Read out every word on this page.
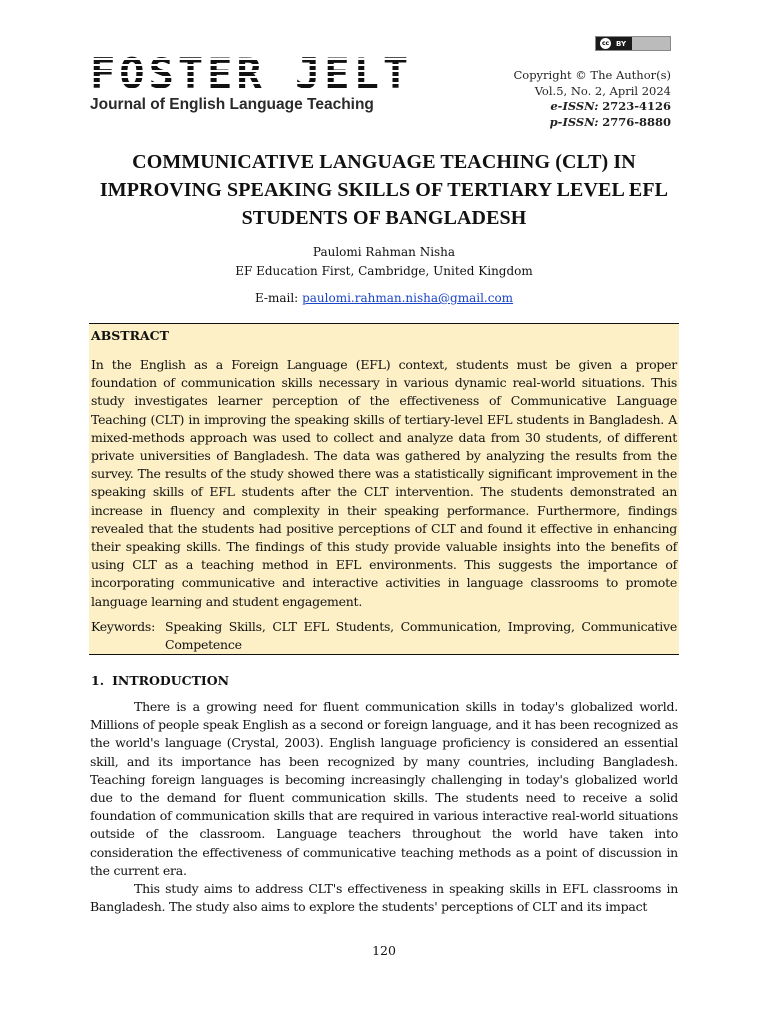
cc BY
FOSTER JELT
Journal of English Language Teaching
Copyright © The Author(s)
Vol.5, No. 2, April 2024
e-ISSN: 2723-4126
p-ISSN: 2776-8880
COMMUNICATIVE LANGUAGE TEACHING (CLT) IN IMPROVING SPEAKING SKILLS OF TERTIARY LEVEL EFL STUDENTS OF BANGLADESH
Paulomi Rahman Nisha
EF Education First, Cambridge, United Kingdom
E-mail: paulomi.rahman.nisha@gmail.com
ABSTRACT
In the English as a Foreign Language (EFL) context, students must be given a proper foundation of communication skills necessary in various dynamic real-world situations. This study investigates learner perception of the effectiveness of Communicative Language Teaching (CLT) in improving the speaking skills of tertiary-level EFL students in Bangladesh. A mixed-methods approach was used to collect and analyze data from 30 students, of different private universities of Bangladesh. The data was gathered by analyzing the results from the survey. The results of the study showed there was a statistically significant improvement in the speaking skills of EFL students after the CLT intervention. The students demonstrated an increase in fluency and complexity in their speaking performance. Furthermore, findings revealed that the students had positive perceptions of CLT and found it effective in enhancing their speaking skills. The findings of this study provide valuable insights into the benefits of using CLT as a teaching method in EFL environments. This suggests the importance of incorporating communicative and interactive activities in language classrooms to promote language learning and student engagement.
Keywords: Speaking Skills, CLT EFL Students, Communication, Improving, Communicative Competence
1. INTRODUCTION

There is a growing need for fluent communication skills in today's globalized world. Millions of people speak English as a second or foreign language, and it has been recognized as the world's language (Crystal, 2003). English language proficiency is considered an essential skill, and its importance has been recognized by many countries, including Bangladesh. Teaching foreign languages is becoming increasingly challenging in today's globalized world due to the demand for fluent communication skills. The students need to receive a solid foundation of communication skills that are required in various interactive real-world situations outside of the classroom. Language teachers throughout the world have taken into consideration the effectiveness of communicative teaching methods as a point of discussion in the current era.

This study aims to address CLT's effectiveness in speaking skills in EFL classrooms in Bangladesh. The study also aims to explore the students' perceptions of CLT and its impact

120
